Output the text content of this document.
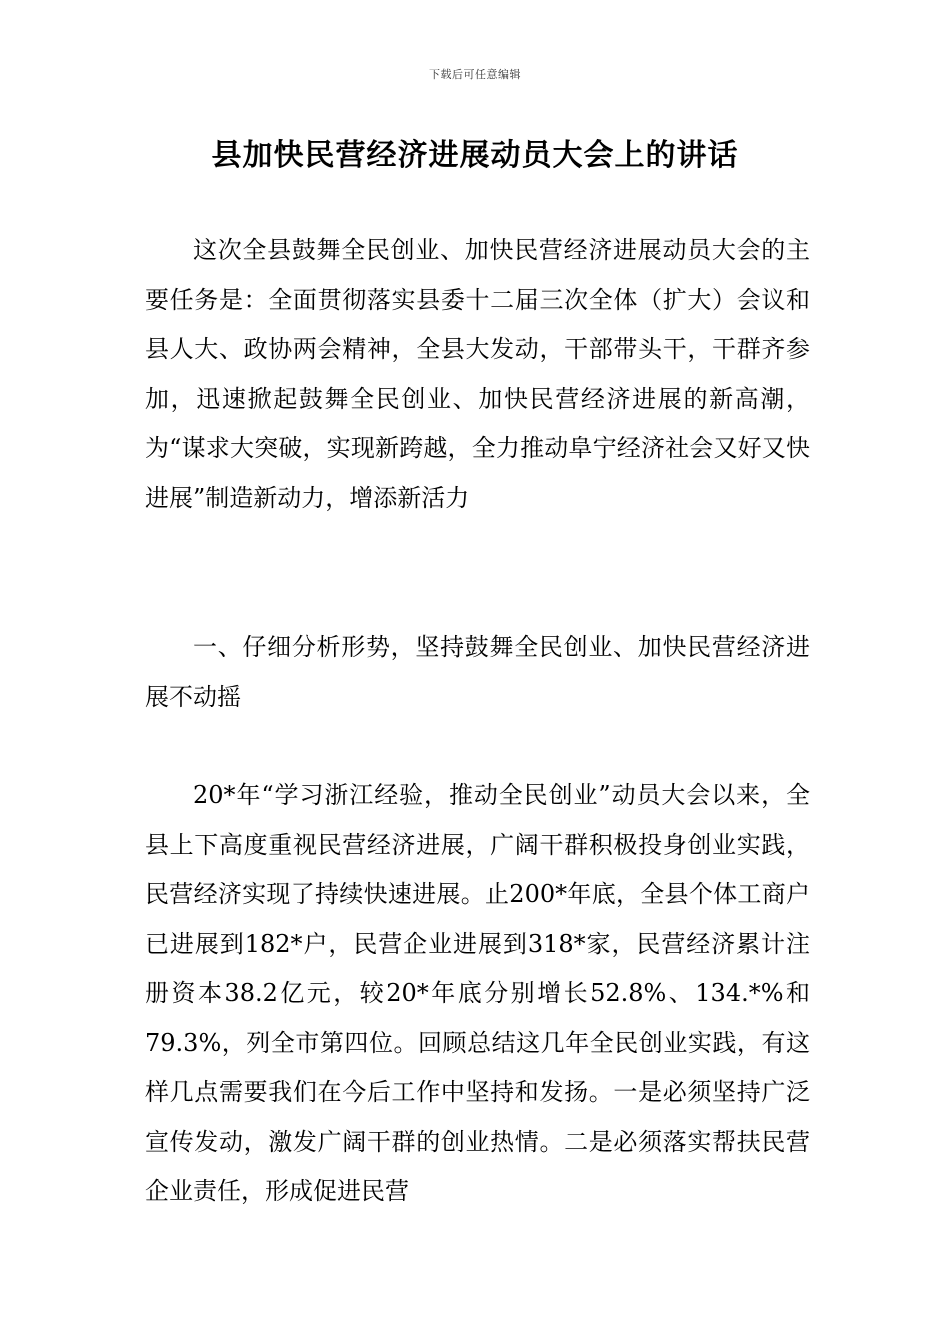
下载后可任意编辑
县加快民营经济进展动员大会上的讲话

这次全县鼓舞全民创业、加快民营经济进展动员大会的主要任务是：全面贯彻落实县委十二届三次全体（扩大）会议和县人大、政协两会精神，全县大发动，干部带头干，干群齐参加，迅速掀起鼓舞全民创业、加快民营经济进展的新高潮，为“谋求大突破，实现新跨越，全力推动阜宁经济社会又好又快进展”制造新动力，增添新活力

一、仔细分析形势，坚持鼓舞全民创业、加快民营经济进展不动摇

20*年“学习浙江经验，推动全民创业”动员大会以来，全县上下高度重视民营经济进展，广阔干群积极投身创业实践，民营经济实现了持续快速进展。止200*年底，全县个体工商户已进展到182*户，民营企业进展到318*家，民营经济累计注册资本38.2亿元，较20*年底分别增长52.8%、134.*%和79.3%，列全市第四位。回顾总结这几年全民创业实践，有这样几点需要我们在今后工作中坚持和发扬。一是必须坚持广泛宣传发动，激发广阔干群的创业热情。二是必须落实帮扶民营企业责任，形成促进民营
